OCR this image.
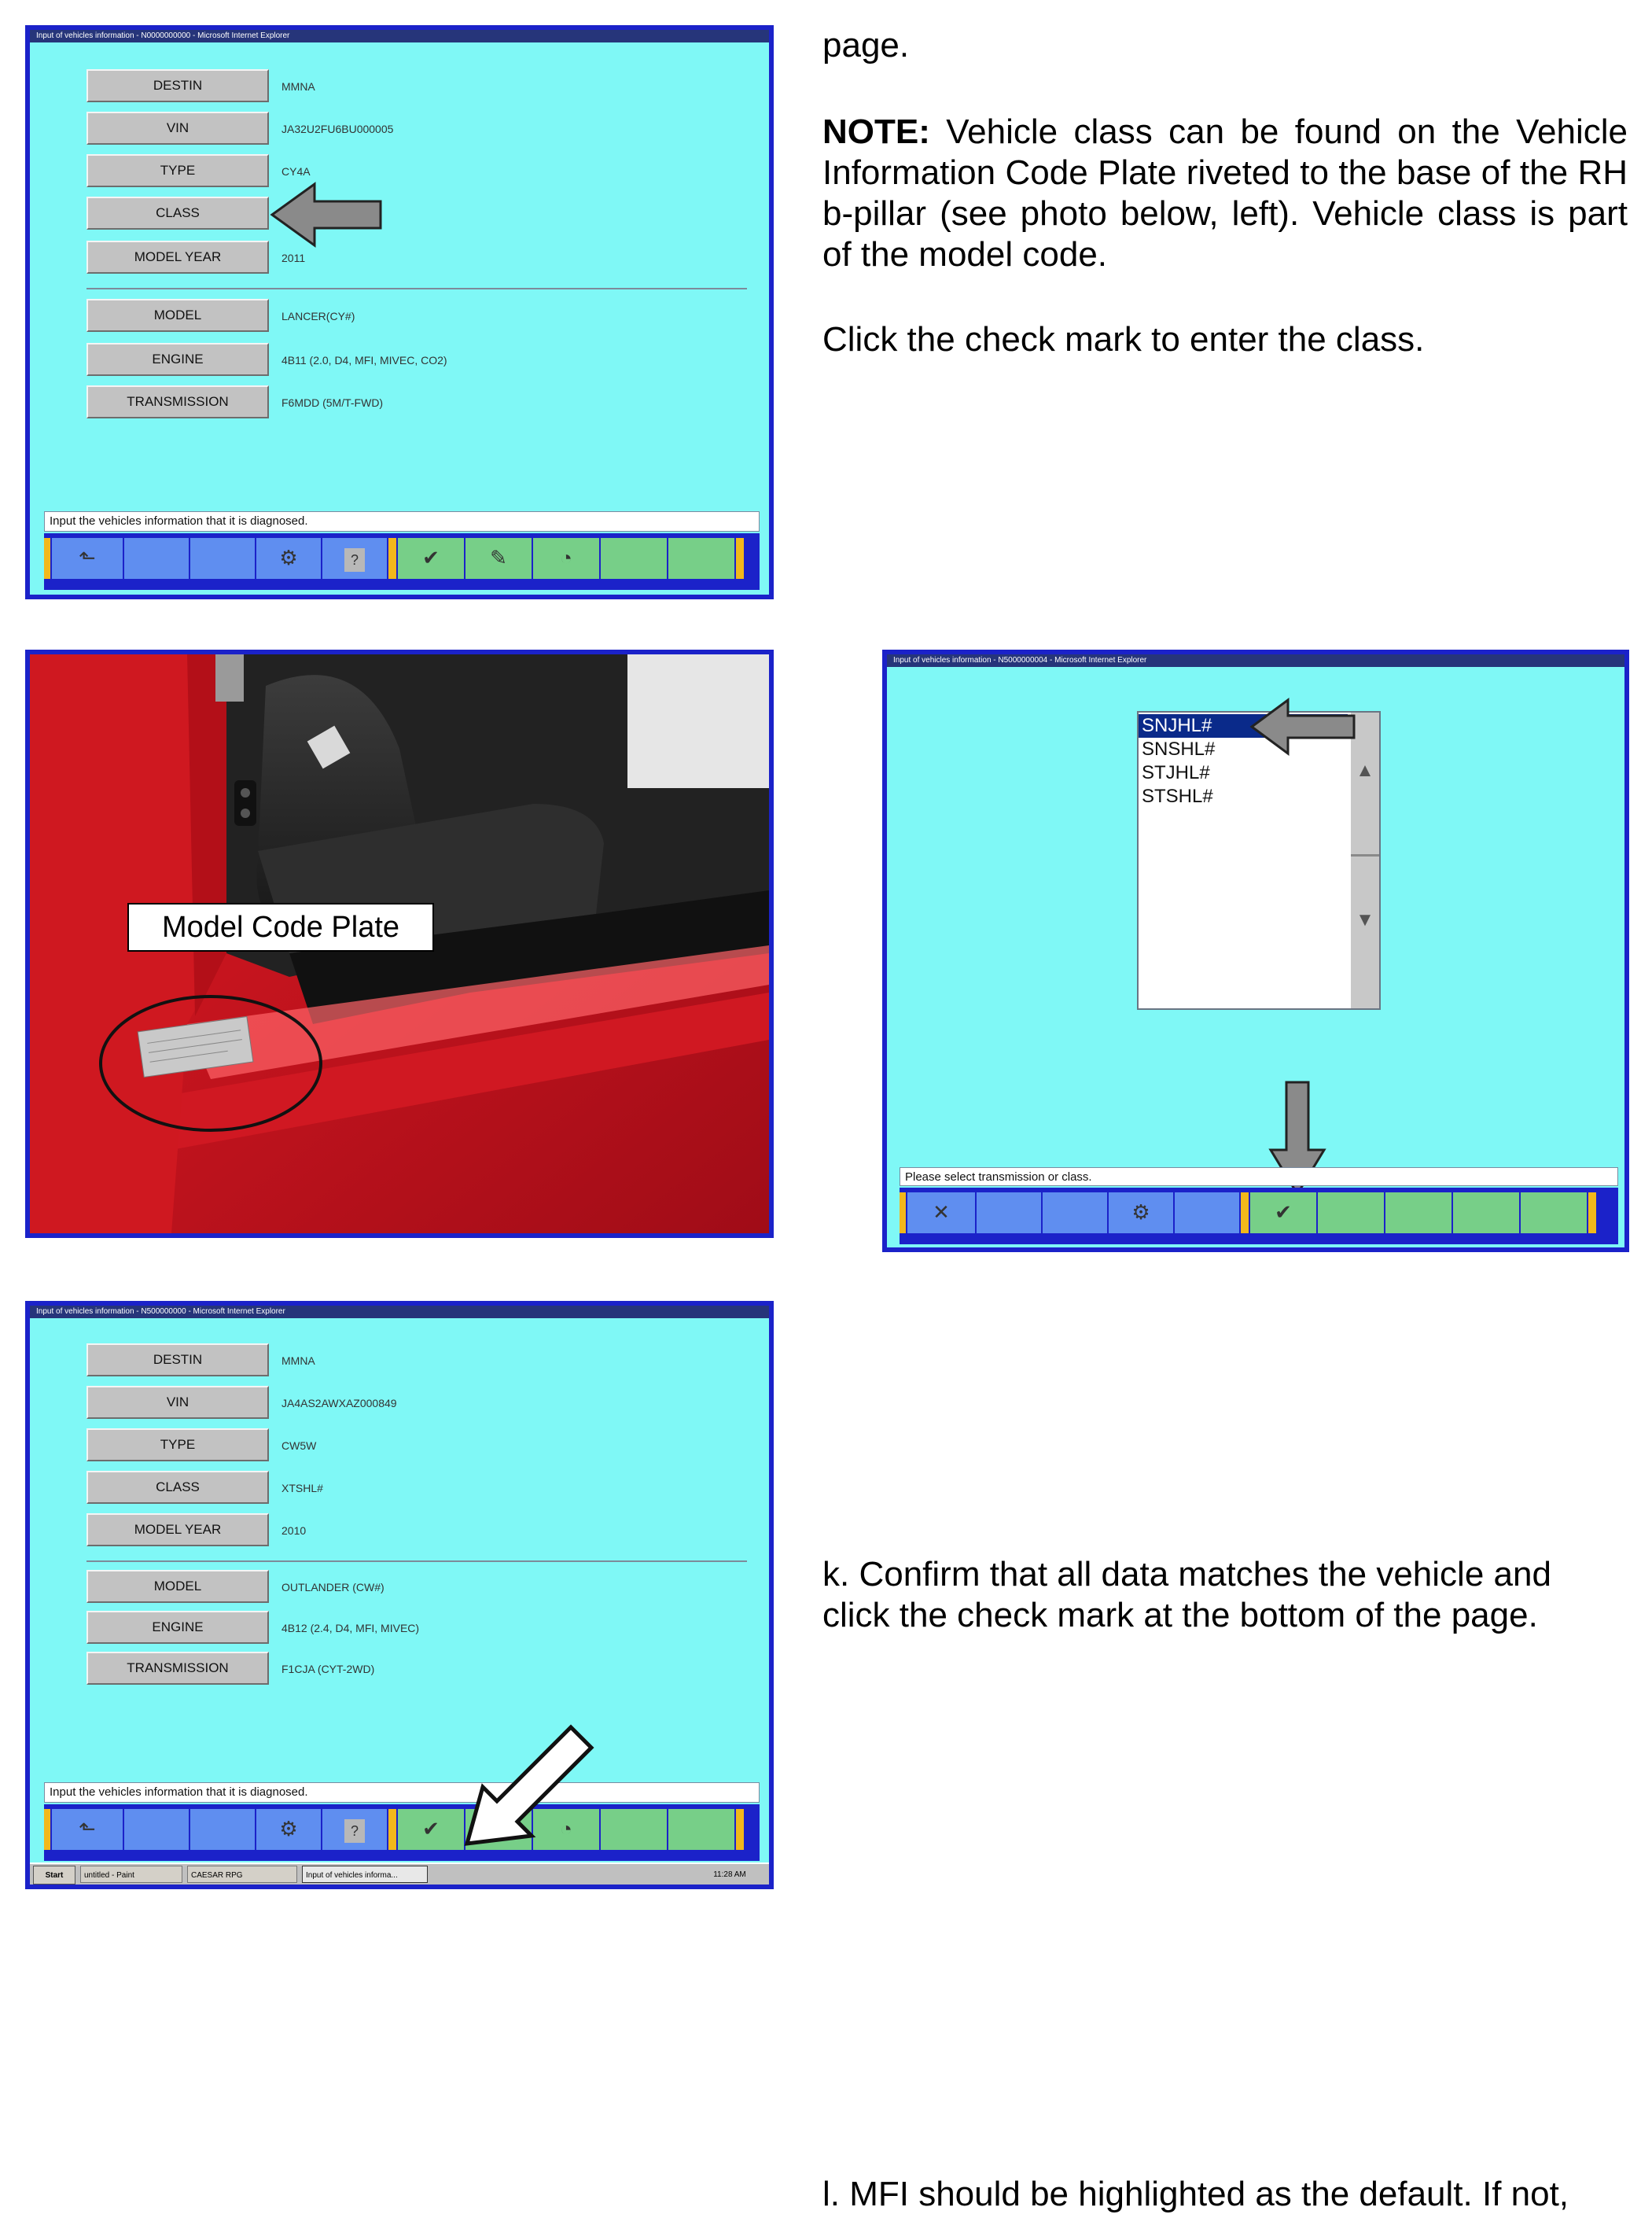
Input of vehicles information - N0000000000 - Microsoft Internet Explorer
DESTIN	MMNA
VIN	JA32U2FU6BU000005
TYPE	CY4A
CLASS
MODEL YEAR	2011
MODEL	LANCER(CY#)
ENGINE	4B11 (2.0, D4, MFI, MIVEC, CO2)
TRANSMISSION	F6MDD (5M/T-FWD)
Input the vehicles information that it is diagnosed.
⬑	⚙	?	✔	✎	◔
page.
NOTE: Vehicle class can be found on the Vehicle Information Code Plate riveted to the base of the RH b-pillar (see photo below, left). Vehicle class is part of the model code.
Click the check mark to enter the class.
k. Confirm that all data matches the vehicle and click the check mark at the bottom of the page.
l. MFI should be highlighted as the default. If not,
Model Code Plate
Input of vehicles information - N5000000004 - Microsoft Internet Explorer
SNJHL#
SNSHL#
STJHL#
STSHL#
▲
▼
Please select transmission or class.
✕	⚙	✔
Input of vehicles information - N500000000 - Microsoft Internet Explorer
DESTIN	MMNA
VIN	JA4AS2AWXAZ000849
TYPE	CW5W
CLASS	XTSHL#
MODEL YEAR	2010
MODEL	OUTLANDER (CW#)
ENGINE	4B12 (2.4, D4, MFI, MIVEC)
TRANSMISSION	F1CJA (CYT-2WD)
Input the vehicles information that it is diagnosed.
⬑	⚙	?	✔	◔
Start	untitled - Paint	CAESAR RPG	Input of vehicles informa...	11:28 AM
